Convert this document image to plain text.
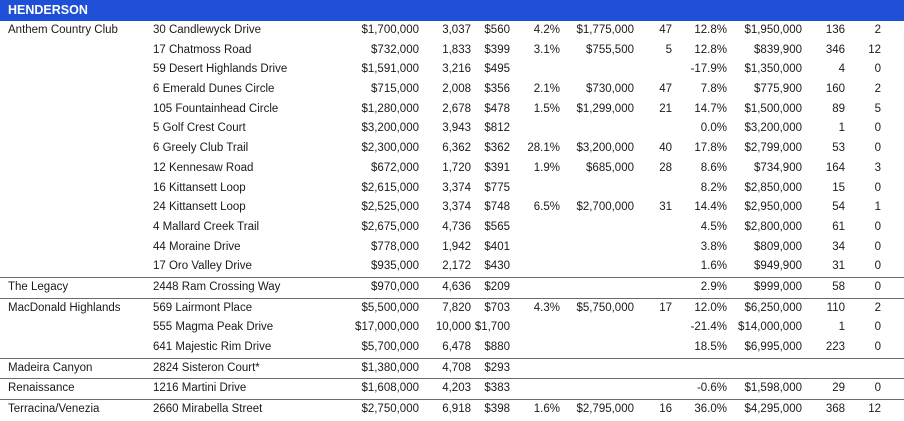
HENDERSON
Anthem Country Club	30 Candlewyck Drive	$1,700,000 3,037 $560 4.2% $1,775,000 47 12.8% $1,950,000 136	2
17 Chatmoss Road	$732,000 1,833 $399 3.1% $755,500	5 12.8% $839,900 346 12
59 Desert Highlands Drive	$1,591,000 3,216 $495	-17.9% $1,350,000	4	0
6 Emerald Dunes Circle	$715,000 2,008 $356 2.1% $730,000 47	7.8% $775,900 160	2
105 Fountainhead Circle	$1,280,000 2,678 $478 1.5% $1,299,000 21 14.7% $1,500,000	89	5
5 Golf Crest Court	$3,200,000 3,943 $812	0.0% $3,200,000	1	0
6 Greely Club Trail	$2,300,000 6,362 $362 28.1% $3,200,000 40 17.8% $2,799,000	53	0
12 Kennesaw Road	$672,000 1,720 $391 1.9% $685,000 28	8.6% $734,900 164	3
16 Kittansett Loop	$2,615,000 3,374 $775	8.2% $2,850,000	15	0
24 Kittansett Loop	$2,525,000 3,374 $748 6.5% $2,700,000 31 14.4% $2,950,000	54	1
4 Mallard Creek Trail	$2,675,000 4,736 $565	4.5% $2,800,000	61	0
44 Moraine Drive	$778,000 1,942 $401	3.8% $809,000	34	0
17 Oro Valley Drive	$935,000 2,172 $430	1.6% $949,900	31	0
The Legacy	2448 Ram Crossing Way	$970,000 4,636 $209	2.9% $999,000	58	0
MacDonald Highlands	569 Lairmont Place	$5,500,000 7,820 $703 4.3% $5,750,000 17 12.0% $6,250,000 110	2
555 Magma Peak Drive	$17,000,000 10,000 $1,700	-21.4% $14,000,000	1	0
641 Majestic Rim Drive	$5,700,000 6,478 $880	18.5% $6,995,000 223	0
Madeira Canyon	2824 Sisteron Court*	$1,380,000 4,708 $293
Renaissance	1216 Martini Drive	$1,608,000 4,203 $383	-0.6% $1,598,000	29	0
Terracina/Venezia	2660 Mirabella Street	$2,750,000 6,918 $398 1.6% $2,795,000 16 36.0% $4,295,000 368 12
